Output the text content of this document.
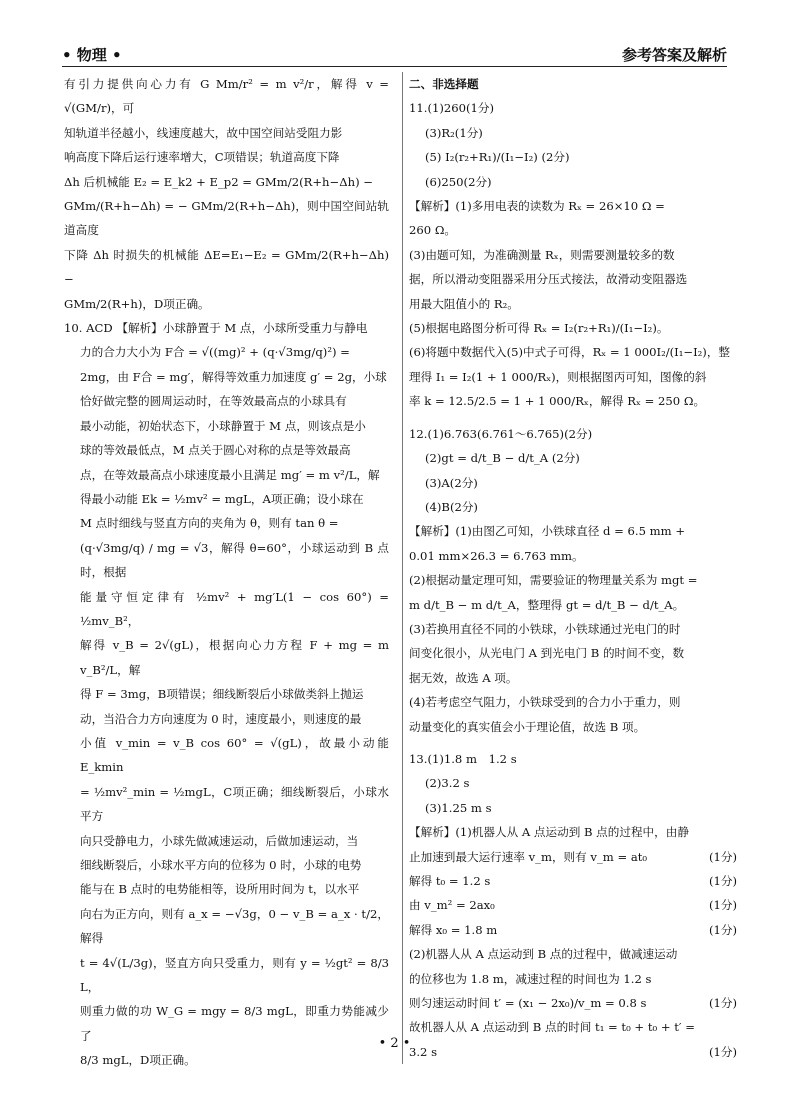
• 物理 •	参考答案及解析
有引力提供向心力有 G Mm/r² = m v²/r，解得 v = √(GM/r)，可
知轨道半径越小，线速度越大，故中国空间站受阻力影
响高度下降后运行速率增大，C项错误；轨道高度下降
Δh 后机械能 E₂ = E_k2 + E_p2 = GMm/2(R+h−Δh) −
GMm/(R+h−Δh) = − GMm/2(R+h−Δh)，则中国空间站轨道高度
下降 Δh 时损失的机械能 ΔE=E₁−E₂ = GMm/2(R+h−Δh) −
GMm/2(R+h)，D项正确。
10. ACD 【解析】小球静置于 M 点，小球所受重力与静电
力的合力大小为 F合 = √((mg)² + (q·√3mg/q)²) =
2mg，由 F合 = mg′，解得等效重力加速度 g′ = 2g，小球
恰好做完整的圆周运动时，在等效最高点的小球具有
最小动能，初始状态下，小球静置于 M 点，则该点是小
球的等效最低点，M 点关于圆心对称的点是等效最高
点，在等效最高点小球速度最小且满足 mg′ = m v²/L，解
得最小动能 Ek = ½mv² = mgL，A项正确；设小球在
M 点时细线与竖直方向的夹角为 θ，则有 tan θ =
(q·√3mg/q) / mg = √3，解得 θ=60°，小球运动到 B 点时，根据
能量守恒定律有 ½mv² + mg′L(1 − cos 60°) = ½mv_B²，
解得 v_B = 2√(gL)，根据向心力方程 F + mg = m v_B²/L，解
得 F = 3mg，B项错误；细线断裂后小球做类斜上抛运
动，当沿合力方向速度为 0 时，速度最小，则速度的最
小值 v_min = v_B cos 60° = √(gL)，故最小动能 E_kmin
= ½mv²_min = ½mgL，C项正确；细线断裂后，小球水平方
向只受静电力，小球先做减速运动，后做加速运动，当
细线断裂后，小球水平方向的位移为 0 时，小球的电势
能与在 B 点时的电势能相等，设所用时间为 t，以水平
向右为正方向，则有 a_x = −√3g，0 − v_B = a_x · t/2，解得
t = 4√(L/3g)，竖直方向只受重力，则有 y = ½gt² = 8/3 L，
则重力做的功 W_G = mgy = 8/3 mgL，即重力势能减少了
8/3 mgL，D项正确。
二、非选择题
11.(1)260(1分)
(3)R₂(1分)
(5) I₂(r₂+R₁)/(I₁−I₂) (2分)
(6)250(2分)
【解析】(1)多用电表的读数为 Rₓ = 26×10 Ω =
260 Ω。
(3)由题可知，为准确测量 Rₓ，则需要测量较多的数
据，所以滑动变阻器采用分压式接法，故滑动变阻器选
用最大阻值小的 R₂。
(5)根据电路图分析可得 Rₓ = I₂(r₂+R₁)/(I₁−I₂)。
(6)将题中数据代入(5)中式子可得，Rₓ = 1 000I₂/(I₁−I₂)，整
理得 I₁ = I₂(1 + 1 000/Rₓ)，则根据图丙可知，图像的斜
率 k = 12.5/2.5 = 1 + 1 000/Rₓ，解得 Rₓ = 250 Ω。
12.(1)6.763(6.761～6.765)(2分)
(2)gt = d/t_B − d/t_A (2分)
(3)A(2分)
(4)B(2分)
【解析】(1)由图乙可知，小铁球直径 d = 6.5 mm +
0.01 mm×26.3 = 6.763 mm。
(2)根据动量定理可知，需要验证的物理量关系为 mgt =
m d/t_B − m d/t_A，整理得 gt = d/t_B − d/t_A。
(3)若换用直径不同的小铁球，小铁球通过光电门的时
间变化很小，从光电门 A 到光电门 B 的时间不变，数
据无效，故选 A 项。
(4)若考虑空气阻力，小铁球受到的合力小于重力，则
动量变化的真实值会小于理论值，故选 B 项。
13.(1)1.8 m　1.2 s
(2)3.2 s
(3)1.25 m s
【解析】(1)机器人从 A 点运动到 B 点的过程中，由静
止加速到最大运行速率 v_m，则有 v_m = at₀	(1分)
解得 t₀ = 1.2 s	(1分)
由 v_m² = 2ax₀	(1分)
解得 x₀ = 1.8 m	(1分)
(2)机器人从 A 点运动到 B 点的过程中，做减速运动
的位移也为 1.8 m，减速过程的时间也为 1.2 s
则匀速运动时间 t′ = (x₁ − 2x₀)/v_m = 0.8 s	(1分)
故机器人从 A 点运动到 B 点的时间 t₁ = t₀ + t₀ + t′ =
3.2 s	(1分)
• 2 •
